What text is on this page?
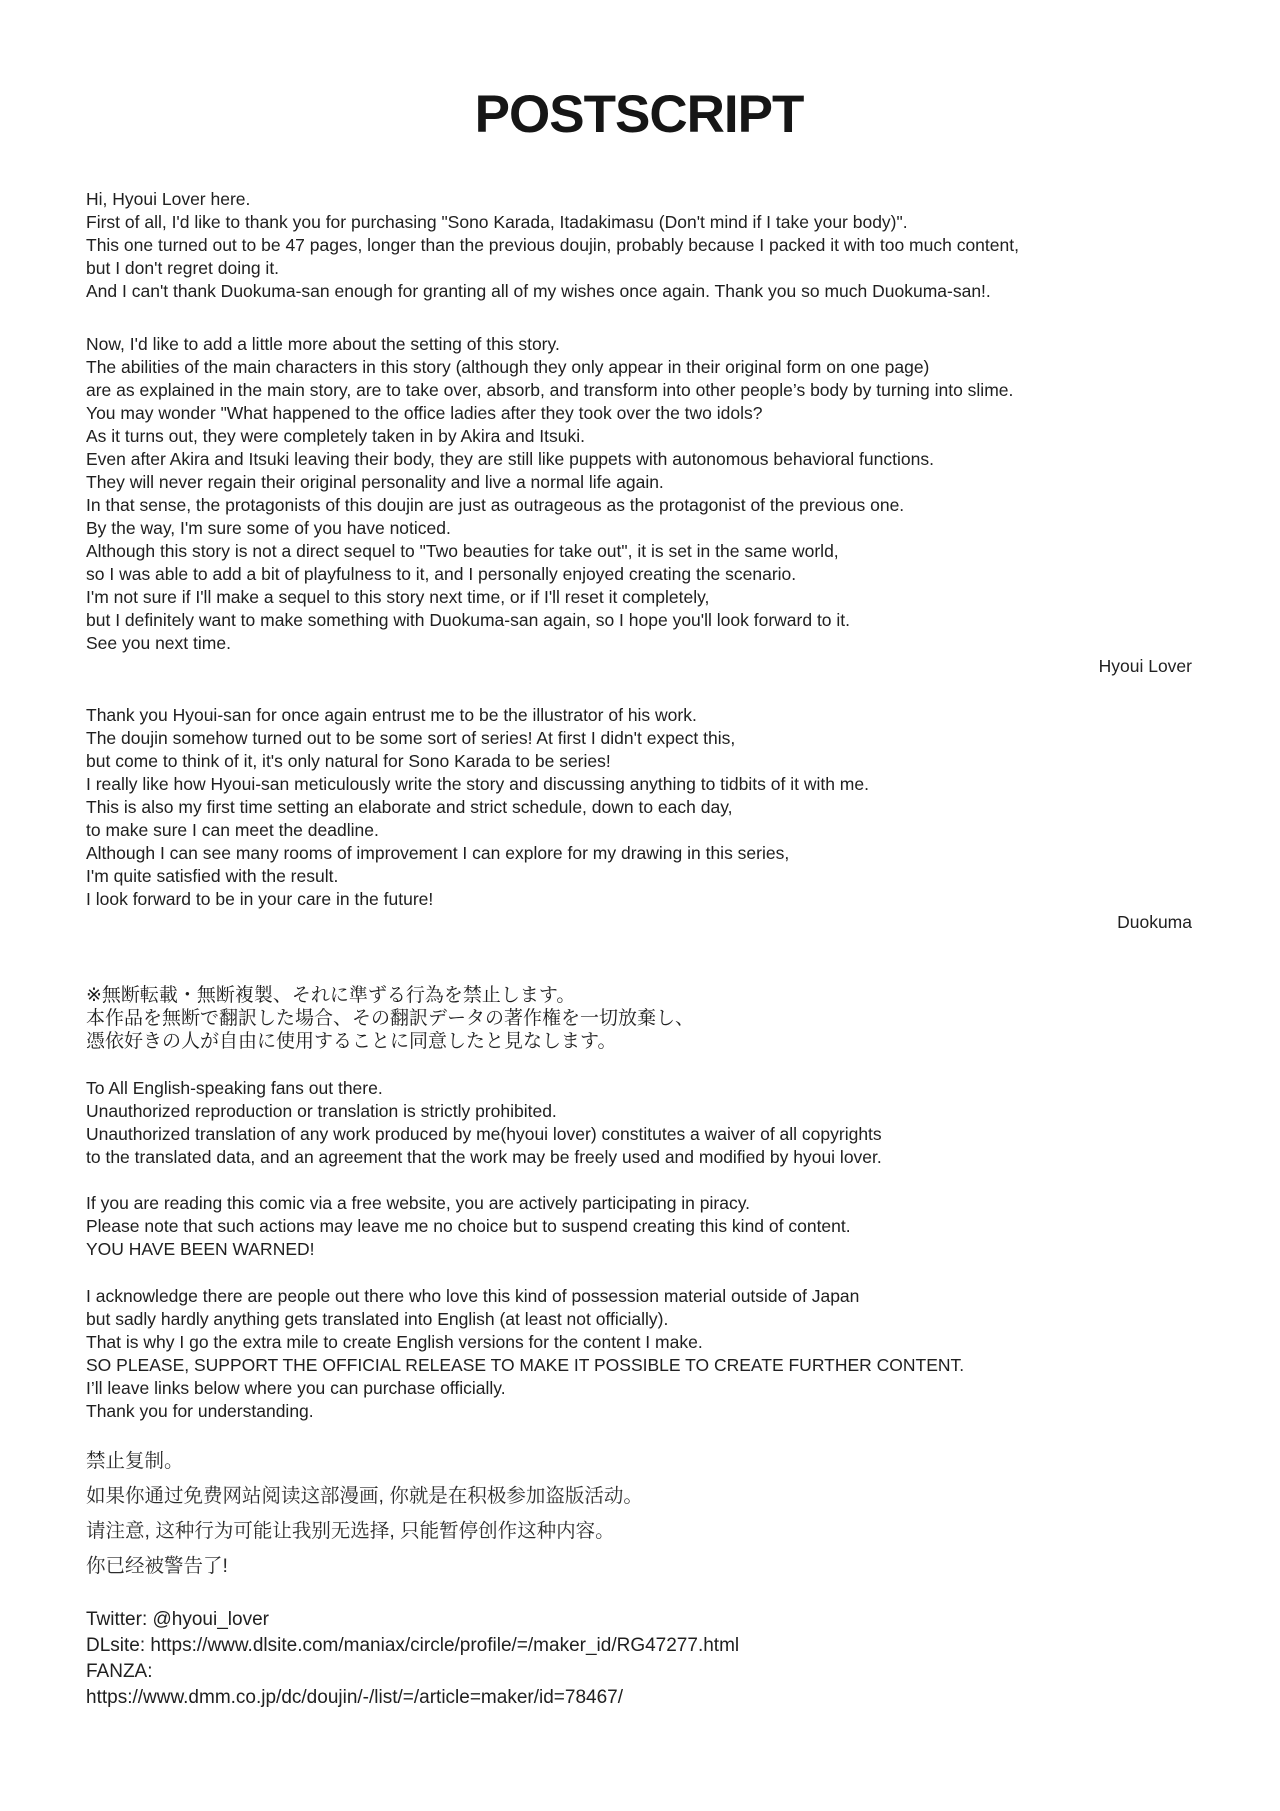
POSTSCRIPT
Hi, Hyoui Lover here.
First of all, I'd like to thank you for purchasing "Sono Karada, Itadakimasu (Don't mind if I take your body)".
This one turned out to be 47 pages, longer than the previous doujin, probably because I packed it with too much content,
but I don't regret doing it.
And I can't thank Duokuma-san enough for granting all of my wishes once again. Thank you so much Duokuma-san!.
Now, I'd like to add a little more about the setting of this story.
The abilities of the main characters in this story (although they only appear in their original form on one page)
are as explained in the main story, are to take over, absorb, and transform into other people’s body by turning into slime.
You may wonder "What happened to the office ladies after they took over the two idols?
As it turns out, they were completely taken in by Akira and Itsuki.
Even after Akira and Itsuki leaving their body, they are still like puppets with autonomous behavioral functions.
They will never regain their original personality and live a normal life again.
In that sense, the protagonists of this doujin are just as outrageous as the protagonist of the previous one.
By the way, I'm sure some of you have noticed.
Although this story is not a direct sequel to "Two beauties for take out", it is set in the same world,
so I was able to add a bit of playfulness to it, and I personally enjoyed creating the scenario.
I'm not sure if I'll make a sequel to this story next time, or if I'll reset it completely,
but I definitely want to make something with Duokuma-san again, so I hope you'll look forward to it.
See you next time.
Hyoui Lover
Thank you Hyoui-san for once again entrust me to be the illustrator of his work.
The doujin somehow turned out to be some sort of series! At first I didn't expect this,
but come to think of it, it's only natural for Sono Karada to be series!
I really like how Hyoui-san meticulously write the story and discussing anything to tidbits of it with me.
This is also my first time setting an elaborate and strict schedule, down to each day,
to make sure I can meet the deadline.
Although I can see many rooms of improvement I can explore for my drawing in this series,
I'm quite satisfied with the result.
I look forward to be in your care in the future!
Duokuma
※無断転載・無断複製、それに準ずる行為を禁止します。
本作品を無断で翻訳した場合、その翻訳データの著作権を一切放棄し、
憑依好きの人が自由に使用することに同意したと見なします。
To All English-speaking fans out there.
Unauthorized reproduction or translation is strictly prohibited.
Unauthorized translation of any work produced by me(hyoui lover) constitutes a waiver of all copyrights
to the translated data, and an agreement that the work may be freely used and modified by hyoui lover.
If you are reading this comic via a free website, you are actively participating in piracy.
Please note that such actions may leave me no choice but to suspend creating this kind of content.
YOU HAVE BEEN WARNED!
I acknowledge there are people out there who love this kind of possession material outside of Japan
but sadly hardly anything gets translated into English (at least not officially).
That is why I go the extra mile to create English versions for the content I make.
SO PLEASE, SUPPORT THE OFFICIAL RELEASE TO MAKE IT POSSIBLE TO CREATE FURTHER CONTENT.
I’ll leave links below where you can purchase officially.
Thank you for understanding.
禁止复制。
如果你通过免费网站阅读这部漫画, 你就是在积极参加盗版活动。
请注意, 这种行为可能让我别无选择, 只能暂停创作这种内容。
你已经被警告了!
Twitter: @hyoui_lover
DLsite: https://www.dlsite.com/maniax/circle/profile/=/maker_id/RG47277.html
FANZA:
https://www.dmm.co.jp/dc/doujin/-/list/=/article=maker/id=78467/
